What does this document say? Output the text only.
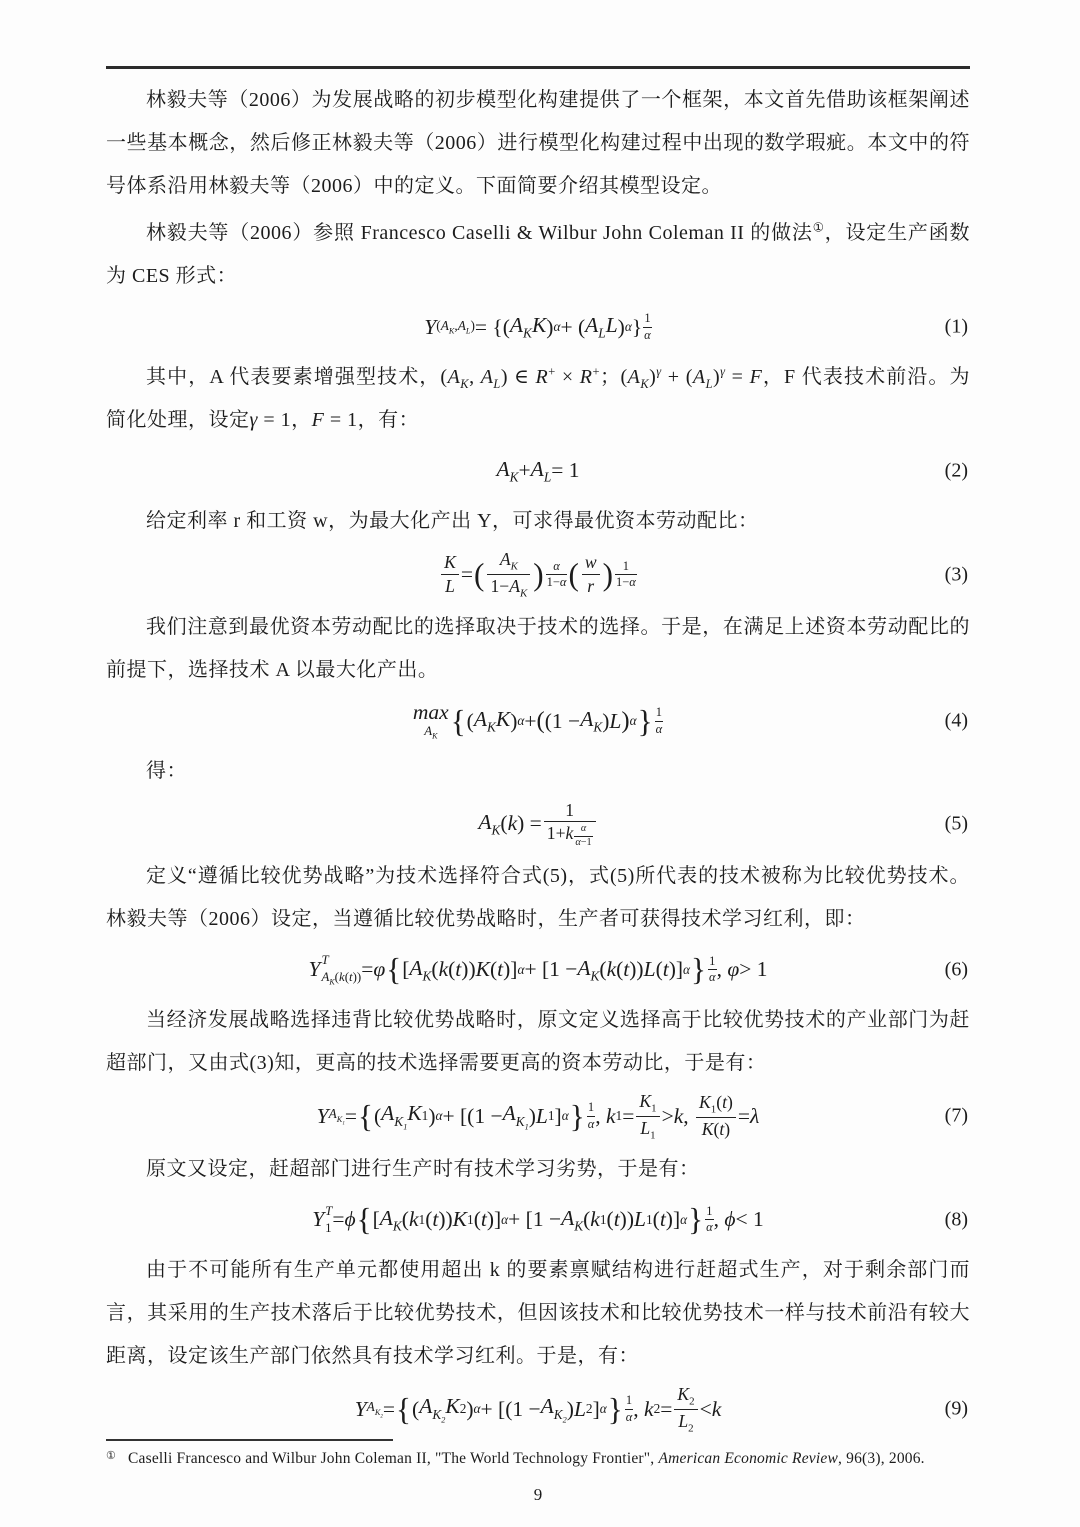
林毅夫等（2006）为发展战略的初步模型化构建提供了一个框架，本文首先借助该框架阐述一些基本概念，然后修正林毅夫等（2006）进行模型化构建过程中出现的数学瑕疵。本文中的符号体系沿用林毅夫等（2006）中的定义。下面简要介绍其模型设定。

林毅夫等（2006）参照 Francesco Caselli & Wilbur John Coleman II 的做法①，设定生产函数为 CES 形式：

Y $(A_K,A_L)$ = {( $A_KK$ ) α + ( $A_LL$ ) α } 1
α	(1)

其中，A 代表要素增强型技术，($A_K$, $A_L$) ∈ R+ × R+；$(A_K)^\gamma + (A_L)^\gamma = F$，F 代表技术前沿。为简化处理，设定γ = 1，F = 1，有：

$A_K + A_L = 1$	(2)

给定利率 r 和工资 w，为最大化产出 Y，可求得最优资本劳动配比：

K
L = ( $A_K$
$1-A_K$
) α
1−α ( w
r ) 1
1−α	(3)

我们注意到最优资本劳动配比的选择取决于技术的选择。于是，在满足上述资本劳动配比的前提下，选择技术 A 以最大化产出。

max
$A_K$ { ( $A_KK$ ) α + ( ($1 - A_K$ ) L ) α } 1
α	(4)

得：

$A_K$ ( k ) =
1
$1+k \frac{\alpha}{\alpha-1}$	(5)

定义“遵循比较优势战略”为技术选择符合式(5)，式(5)所代表的技术被称为比较优势技术。林毅夫等（2006）设定，当遵循比较优势战略时，生产者可获得技术学习红利，即：

Y T
$A_K(k(t)) = \varphi$ { [ $A_K$ ( k ( t )) K ( t )] $\alpha + [1 - A_K$ ( k ( t )) L ( t )] α } 1
α , φ > 1	(6)

当经济发展战略选择违背比较优势战略时，原文定义选择高于比较优势技术的产业部门为赶超部门，又由式(3)知，更高的技术选择需要更高的资本劳动比，于是有：

Y $A_{K_1}$ = { ( $A_{K_1}K$ 1 ) $\alpha + [(1 - A_{K_1}$ ) L 1 ] α } 1
α , k 1 =
$K_1$
$L_1$
> k ,
$K_1(t)$
K(t)
= λ	(7)

原文又设定，赶超部门进行生产时有技术学习劣势，于是有：

Y T
1 = ϕ { [ $A_K$ ( k 1 ( t )) K 1 ( t )] $\alpha + [1 - A_K$ ( k 1 ( t )) L 1 ( t )] α } 1
α , ϕ < 1	(8)

由于不可能所有生产单元都使用超出 k 的要素禀赋结构进行赶超式生产，对于剩余部门而言，其采用的生产技术落后于比较优势技术，但因该技术和比较优势技术一样与技术前沿有较大距离，设定该生产部门依然具有技术学习红利。于是，有：

Y $A_{K_2}$ = { ( $A_{K_2}K$ 2 ) $\alpha + [(1 - A_{K_2}$ ) L 2 ] α } 1
α , k 2 =
$K_2$
$L_2$
< k	(9)
① Caselli Francesco and Wilbur John Coleman II, "The World Technology Frontier", American Economic Review, 96(3), 2006.
9
